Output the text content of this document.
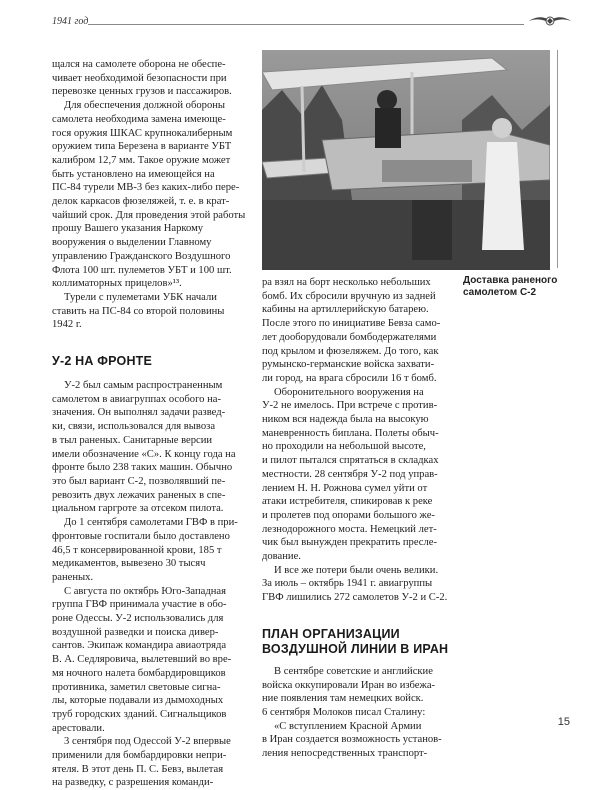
1941 год

щался на самолете оборона не обеспе-
чивает необходимой безопасности при
перевозке ценных грузов и пассажиров.

Для обеспечения должной обороны
самолета необходима замена имеюще-
гося оружия ШКАС крупнокалиберным
оружием типа Березена в варианте УБТ
калибром 12,7 мм. Такое оружие может
быть установлено на имеющейся на
ПС-84 турели МВ-3 без каких-либо пере-
делок каркасов фюзеляжей, т. е. в крат-
чайший срок. Для проведения этой работы
прошу Вашего указания Наркому
вооружения о выделении Главному
управлению Гражданского Воздушного
Флота 100 шт. пулеметов УБТ и 100 шт.
коллиматорных прицелов»¹³.

Турели с пулеметами УБК начали
ставить на ПС-84 со второй половины
1942 г.

У-2 НА ФРОНТЕ

У-2 был самым распространенным
самолетом в авиагруппах особого на-
значения. Он выполнял задачи развед-
ки, связи, использовался для вывоза
в тыл раненых. Санитарные версии
имели обозначение «С». К концу года на
фронте было 238 таких машин. Обычно
это был вариант С-2, позволявший пе-
ревозить двух лежачих раненых в спе-
циальном гаргроте за отсеком пилота.

До 1 сентября самолетами ГВФ в при-
фронтовые госпитали было доставлено
46,5 т консервированной крови, 185 т
медикаментов, вывезено 30 тысяч
раненых.

С августа по октябрь Юго-Западная
группа ГВФ принимала участие в обо-
роне Одессы. У-2 использовались для
воздушной разведки и поиска дивер-
сантов. Экипаж командира авиаотряда
В. А. Седляровича, вылетевший во вре-
мя ночного налета бомбардировщиков
противника, заметил световые сигна-
лы, которые подавали из дымоходных
труб городских зданий. Сигнальщиков
арестовали.

3 сентября под Одессой У-2 впервые
применили для бомбардировки непри-
ятеля. В этот день П. С. Бевз, вылетая
на разведку, с разрешения команди-

Доставка раненого
самолетом С-2

ра взял на борт несколько небольших
бомб. Их сбросили вручную из задней
кабины на артиллерийскую батарею.
После этого по инициативе Бевза само-
лет дооборудовали бомбодержателями
под крылом и фюзеляжем. До того, как
румынско-германские войска захвати-
ли город, на врага сбросили 16 т бомб.

Оборонительного вооружения на
У-2 не имелось. При встрече с против-
ником вся надежда была на высокую
маневренность биплана. Полеты обыч-
но проходили на небольшой высоте,
и пилот пытался спрятаться в складках
местности. 28 сентября У-2 под управ-
лением Н. Н. Рожнова сумел уйти от
атаки истребителя, спикировав к реке
и пролетев под опорами большого же-
лезнодорожного моста. Немецкий лет-
чик был вынужден прекратить пресле-
дование.

И все же потери были очень велики.
За июль – октябрь 1941 г. авиагруппы
ГВФ лишились 272 самолетов У-2 и С-2.

ПЛАН ОРГАНИЗАЦИИ
ВОЗДУШНОЙ ЛИНИИ В ИРАН

В сентябре советские и английские
войска оккупировали Иран во избежа-
ние появления там немецких войск.
6 сентября Молоков писал Сталину:

«С вступлением Красной Армии
в Иран создается возможность установ-
ления непосредственных транспорт-

15
